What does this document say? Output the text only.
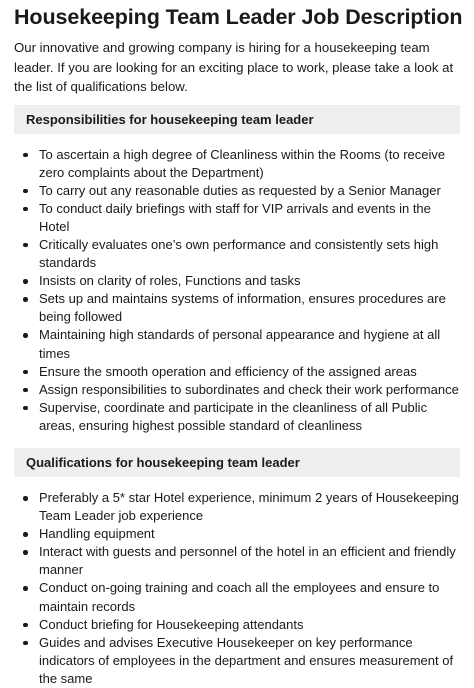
Housekeeping Team Leader Job Description

Our innovative and growing company is hiring for a housekeeping team leader. If you are looking for an exciting place to work, please take a look at the list of qualifications below.

Responsibilities for housekeeping team leader
To ascertain a high degree of Cleanliness within the Rooms (to receive zero complaints about the Department)
To carry out any reasonable duties as requested by a Senior Manager
To conduct daily briefings with staff for VIP arrivals and events in the Hotel
Critically evaluates one’s own performance and consistently sets high standards
Insists on clarity of roles, Functions and tasks
Sets up and maintains systems of information, ensures procedures are being followed
Maintaining high standards of personal appearance and hygiene at all times
Ensure the smooth operation and efficiency of the assigned areas
Assign responsibilities to subordinates and check their work performance
Supervise, coordinate and participate in the cleanliness of all Public areas, ensuring highest possible standard of cleanliness
Qualifications for housekeeping team leader
Preferably a 5* star Hotel experience, minimum 2 years of Housekeeping Team Leader job experience
Handling equipment
Interact with guests and personnel of the hotel in an efficient and friendly manner
Conduct on-going training and coach all the employees and ensure to maintain records
Conduct briefing for Housekeeping attendants
Guides and advises Executive Housekeeper on key performance indicators of employees in the department and ensures measurement of the same
